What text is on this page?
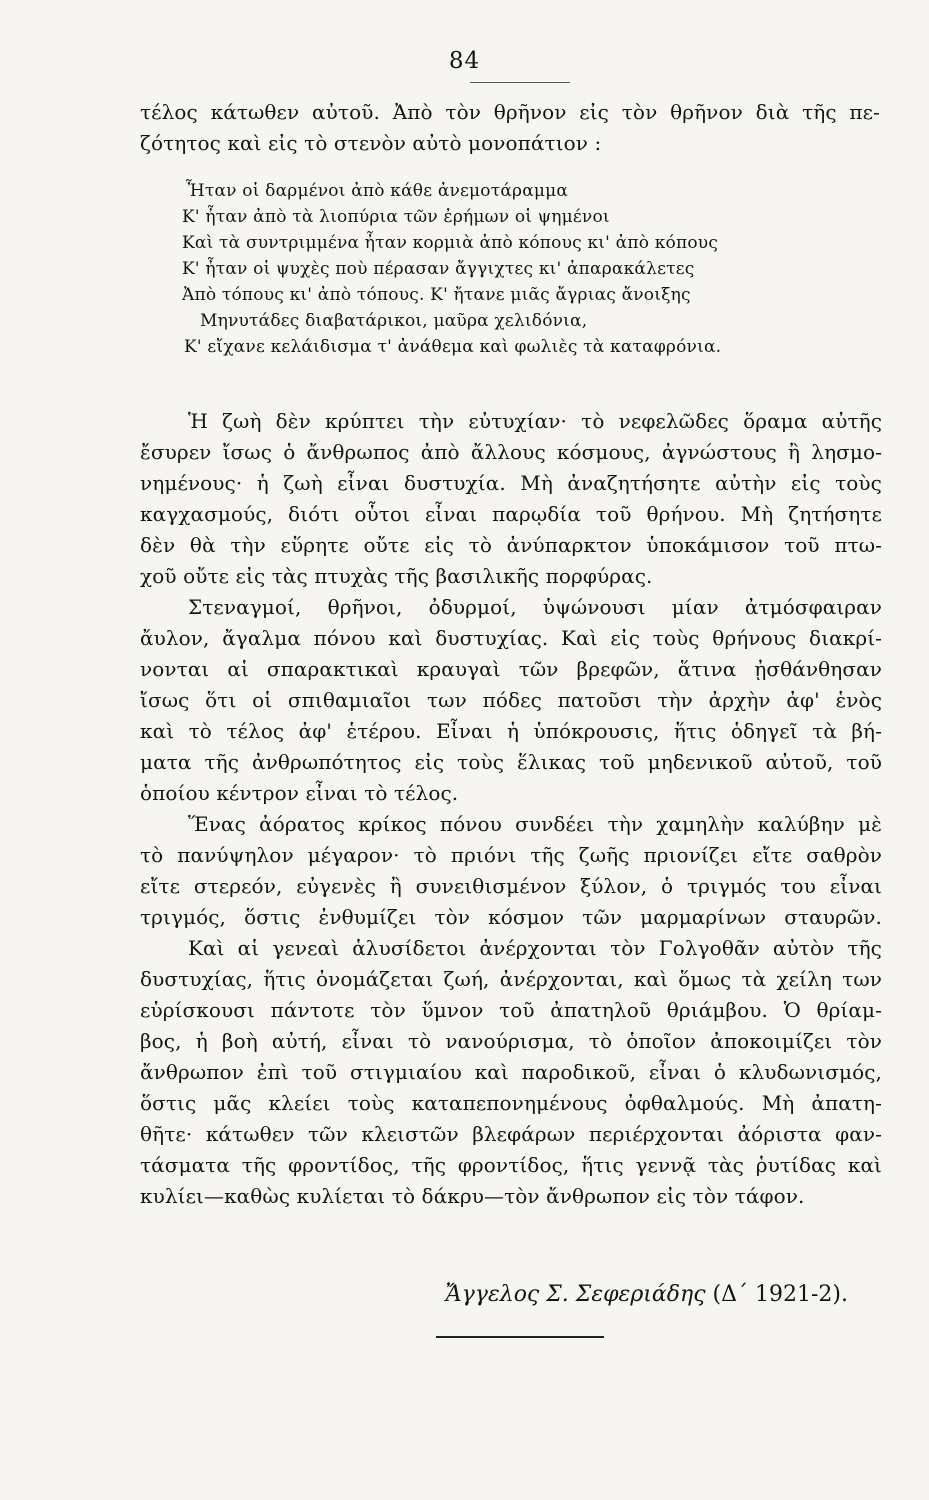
84
τέλος κάτωθεν αὐτοῦ. Ἀπὸ τὸν θρῆνον εἰς τὸν θρῆνον διὰ τῆς πε-
ζότητος καὶ εἰς τὸ στενὸν αὐτὸ μονοπάτιον :
Ἦταν οἱ δαρμένοι ἀπὸ κάθε ἀνεμοτάραμμα
Κ' ἦταν ἀπὸ τὰ λιοπύρια τῶν ἐρήμων οἱ ψημένοι
Καὶ τὰ συντριμμένα ἦταν κορμιὰ ἀπὸ κόπους κι' ἀπὸ κόπους
Κ' ἦταν οἱ ψυχὲς ποὺ πέρασαν ἄγγιχτες κι' ἀπαρακάλετες
Ἀπὸ τόπους κι' ἀπὸ τόπους. Κ' ἤτανε μιᾶς ἄγριας ἄνοιξης
Μηνυτάδες διαβατάρικοι, μαῦρα χελιδόνια,
Κ' εἴχανε κελάιδισμα τ' ἀνάθεμα καὶ φωλιὲς τὰ καταφρόνια.
Ἡ ζωὴ δὲν κρύπτει τὴν εὐτυχίαν· τὸ νεφελῶδες ὅραμα αὐτῆς
ἔσυρεν ἴσως ὁ ἄνθρωπος ἀπὸ ἄλλους κόσμους, ἀγνώστους ἢ λησμο-
νημένους· ἡ ζωὴ εἶναι δυστυχία. Μὴ ἀναζητήσητε αὐτὴν εἰς τοὺς
καγχασμούς, διότι οὗτοι εἶναι παρῳδία τοῦ θρήνου. Μὴ ζητήσητε
δὲν θὰ τὴν εὕρητε οὔτε εἰς τὸ ἀνύπαρκτον ὑποκάμισον τοῦ πτω-
χοῦ οὔτε εἰς τὰς πτυχὰς τῆς βασιλικῆς πορφύρας.
Στεναγμοί, θρῆνοι, ὀδυρμοί, ὑψώνουσι μίαν ἀτμόσφαιραν
ἄυλον, ἄγαλμα πόνου καὶ δυστυχίας. Καὶ εἰς τοὺς θρήνους διακρί-
νονται αἱ σπαρακτικαὶ κραυγαὶ τῶν βρεφῶν, ἅτινα ᾐσθάνθησαν
ἴσως ὅτι οἱ σπιθαμιαῖοι των πόδες πατοῦσι τὴν ἀρχὴν ἀφ' ἑνὸς
καὶ τὸ τέλος ἀφ' ἑτέρου. Εἶναι ἡ ὑπόκρουσις, ἥτις ὁδηγεῖ τὰ βή-
ματα τῆς ἀνθρωπότητος εἰς τοὺς ἕλικας τοῦ μηδενικοῦ αὐτοῦ, τοῦ
ὁποίου κέντρον εἶναι τὸ τέλος.
Ἕνας ἀόρατος κρίκος πόνου συνδέει τὴν χαμηλὴν καλύβην μὲ
τὸ πανύψηλον μέγαρον· τὸ πριόνι τῆς ζωῆς πριονίζει εἴτε σαθρὸν
εἴτε στερεόν, εὐγενὲς ἢ συνειθισμένον ξύλον, ὁ τριγμός του εἶναι
τριγμός, ὅστις ἐνθυμίζει τὸν κόσμον τῶν μαρμαρίνων σταυρῶν.
Καὶ αἱ γενεαὶ ἁλυσίδετοι ἀνέρχονται τὸν Γολγοθᾶν αὐτὸν τῆς
δυστυχίας, ἥτις ὀνομάζεται ζωή, ἀνέρχονται, καὶ ὅμως τὰ χείλη των
εὑρίσκουσι πάντοτε τὸν ὕμνον τοῦ ἀπατηλοῦ θριάμβου. Ὁ θρίαμ-
βος, ἡ βοὴ αὐτή, εἶναι τὸ νανούρισμα, τὸ ὁποῖον ἀποκοιμίζει τὸν
ἄνθρωπον ἐπὶ τοῦ στιγμιαίου καὶ παροδικοῦ, εἶναι ὁ κλυδωνισμός,
ὅστις μᾶς κλείει τοὺς καταπεπονημένους ὀφθαλμούς. Μὴ ἀπατη-
θῆτε· κάτωθεν τῶν κλειστῶν βλεφάρων περιέρχονται ἀόριστα φαν-
τάσματα τῆς φροντίδος, τῆς φροντίδος, ἥτις γεννᾷ τὰς ῥυτίδας καὶ
κυλίει—καθὼς κυλίεται τὸ δάκρυ—τὸν ἄνθρωπον εἰς τὸν τάφον.
Ἄγγελος Σ. Σεφεριάδης (Δ΄ 1921-2).
